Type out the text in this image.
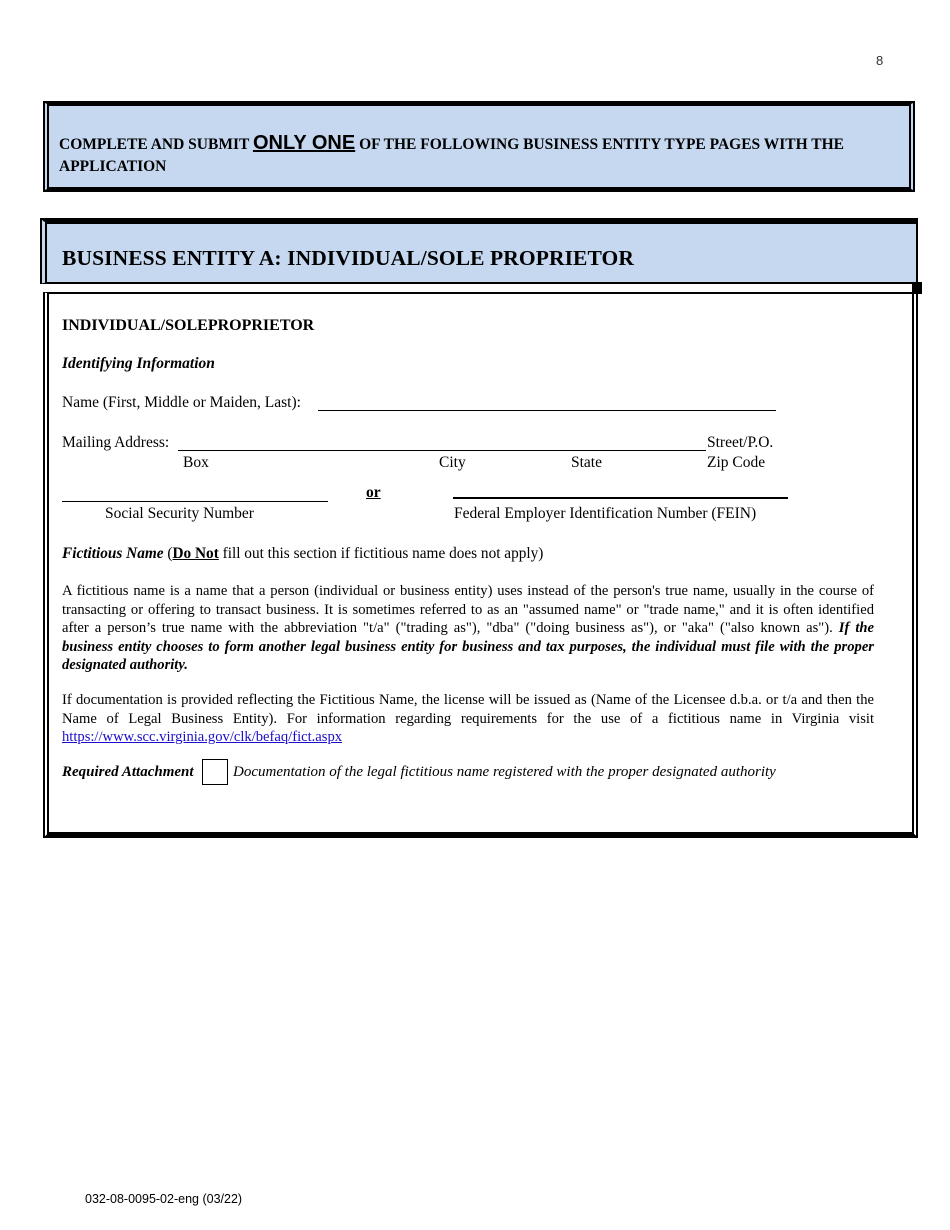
8
COMPLETE AND SUBMIT ONLY ONE OF THE FOLLOWING BUSINESS ENTITY TYPE PAGES WITH THE APPLICATION
BUSINESS ENTITY A: INDIVIDUAL/SOLE PROPRIETOR
INDIVIDUAL/SOLEPROPRIETOR
Identifying Information
Name (First, Middle or Maiden, Last):
Mailing Address:	Street/P.O.
Box	City	State	Zip Code
or
Social Security Number	Federal Employer Identification Number (FEIN)
Fictitious Name (Do Not fill out this section if fictitious name does not apply)
A fictitious name is a name that a person (individual or business entity) uses instead of the person's true name, usually in the course of transacting or offering to transact business. It is sometimes referred to as an "assumed name" or "trade name," and it is often identified after a person’s true name with the abbreviation "t/a" ("trading as"), "dba" ("doing business as"), or "aka" ("also known as"). If the business entity chooses to form another legal business entity for business and tax purposes, the individual must file with the proper designated authority.
If documentation is provided reflecting the Fictitious Name, the license will be issued as (Name of the Licensee d.b.a. or t/a and then the Name of Legal Business Entity). For information regarding requirements for the use of a fictitious name in Virginia visit https://www.scc.virginia.gov/clk/befaq/fict.aspx
Required Attachment	Documentation of the legal fictitious name registered with the proper designated authority
032-08-0095-02-eng (03/22)
